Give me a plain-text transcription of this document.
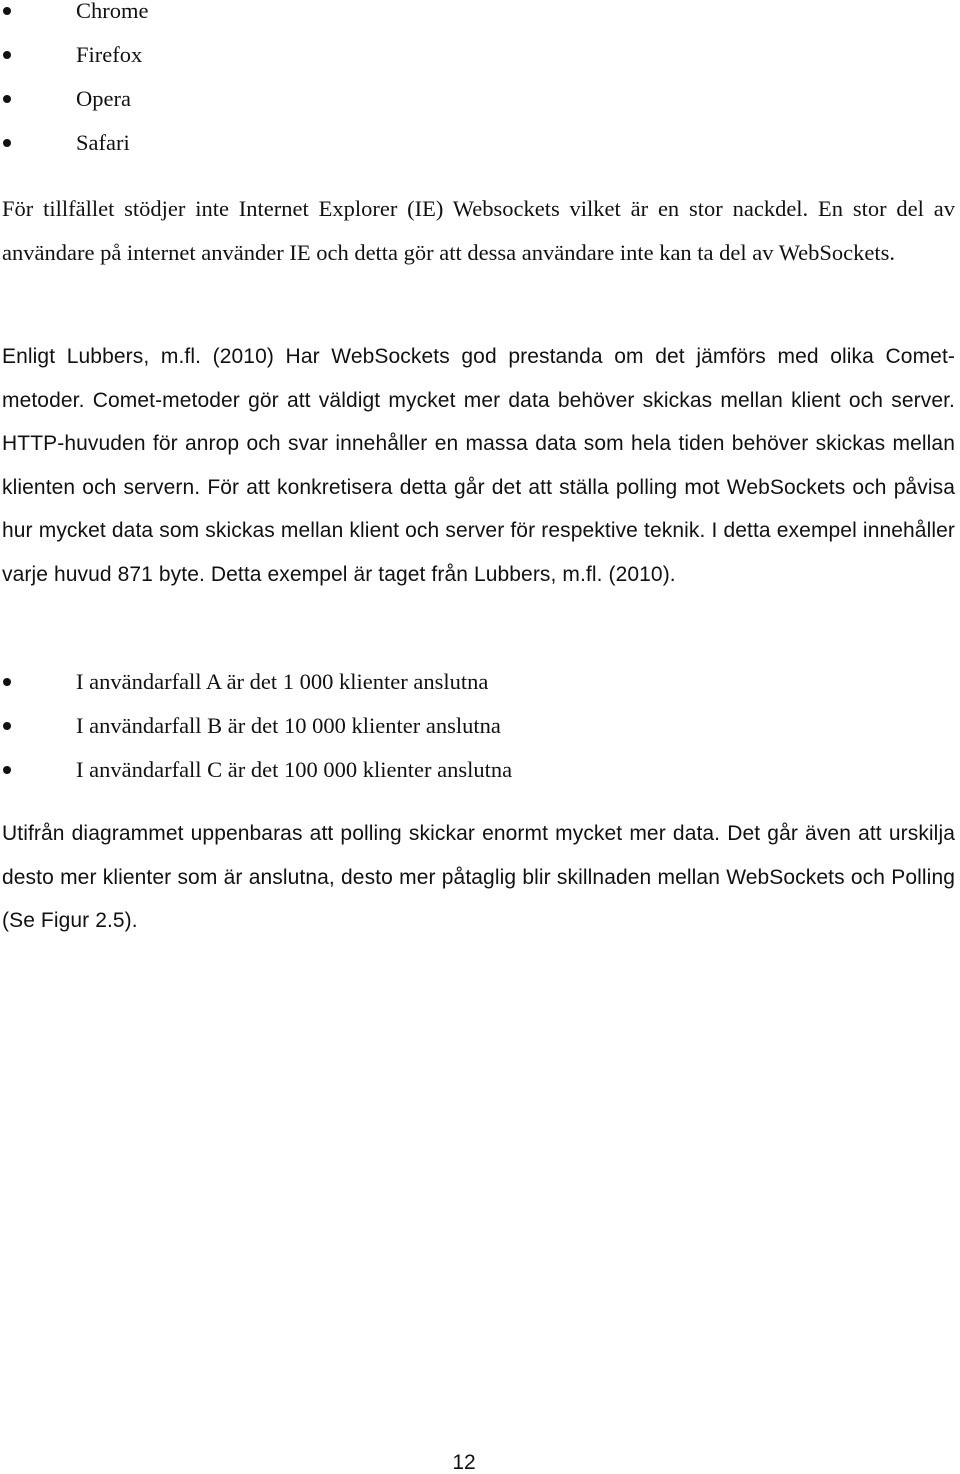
Chrome
Firefox
Opera
Safari

För tillfället stödjer inte Internet Explorer (IE) Websockets vilket är en stor nackdel. En stor del av användare på internet använder IE och detta gör att dessa användare inte kan ta del av WebSockets.

Enligt Lubbers, m.fl. (2010) Har WebSockets god prestanda om det jämförs med olika Comet-metoder. Comet-metoder gör att väldigt mycket mer data behöver skickas mellan klient och server. HTTP-huvuden för anrop och svar innehåller en massa data som hela tiden behöver skickas mellan klienten och servern. För att konkretisera detta går det att ställa polling mot WebSockets och påvisa hur mycket data som skickas mellan klient och server för respektive teknik. I detta exempel innehåller varje huvud 871 byte. Detta exempel är taget från Lubbers, m.fl. (2010).

I användarfall A är det 1 000 klienter anslutna
I användarfall B är det 10 000 klienter anslutna
I användarfall C är det 100 000 klienter anslutna

Utifrån diagrammet uppenbaras att polling skickar enormt mycket mer data. Det går även att urskilja desto mer klienter som är anslutna, desto mer påtaglig blir skillnaden mellan WebSockets och Polling (Se Figur 2.5).

12
